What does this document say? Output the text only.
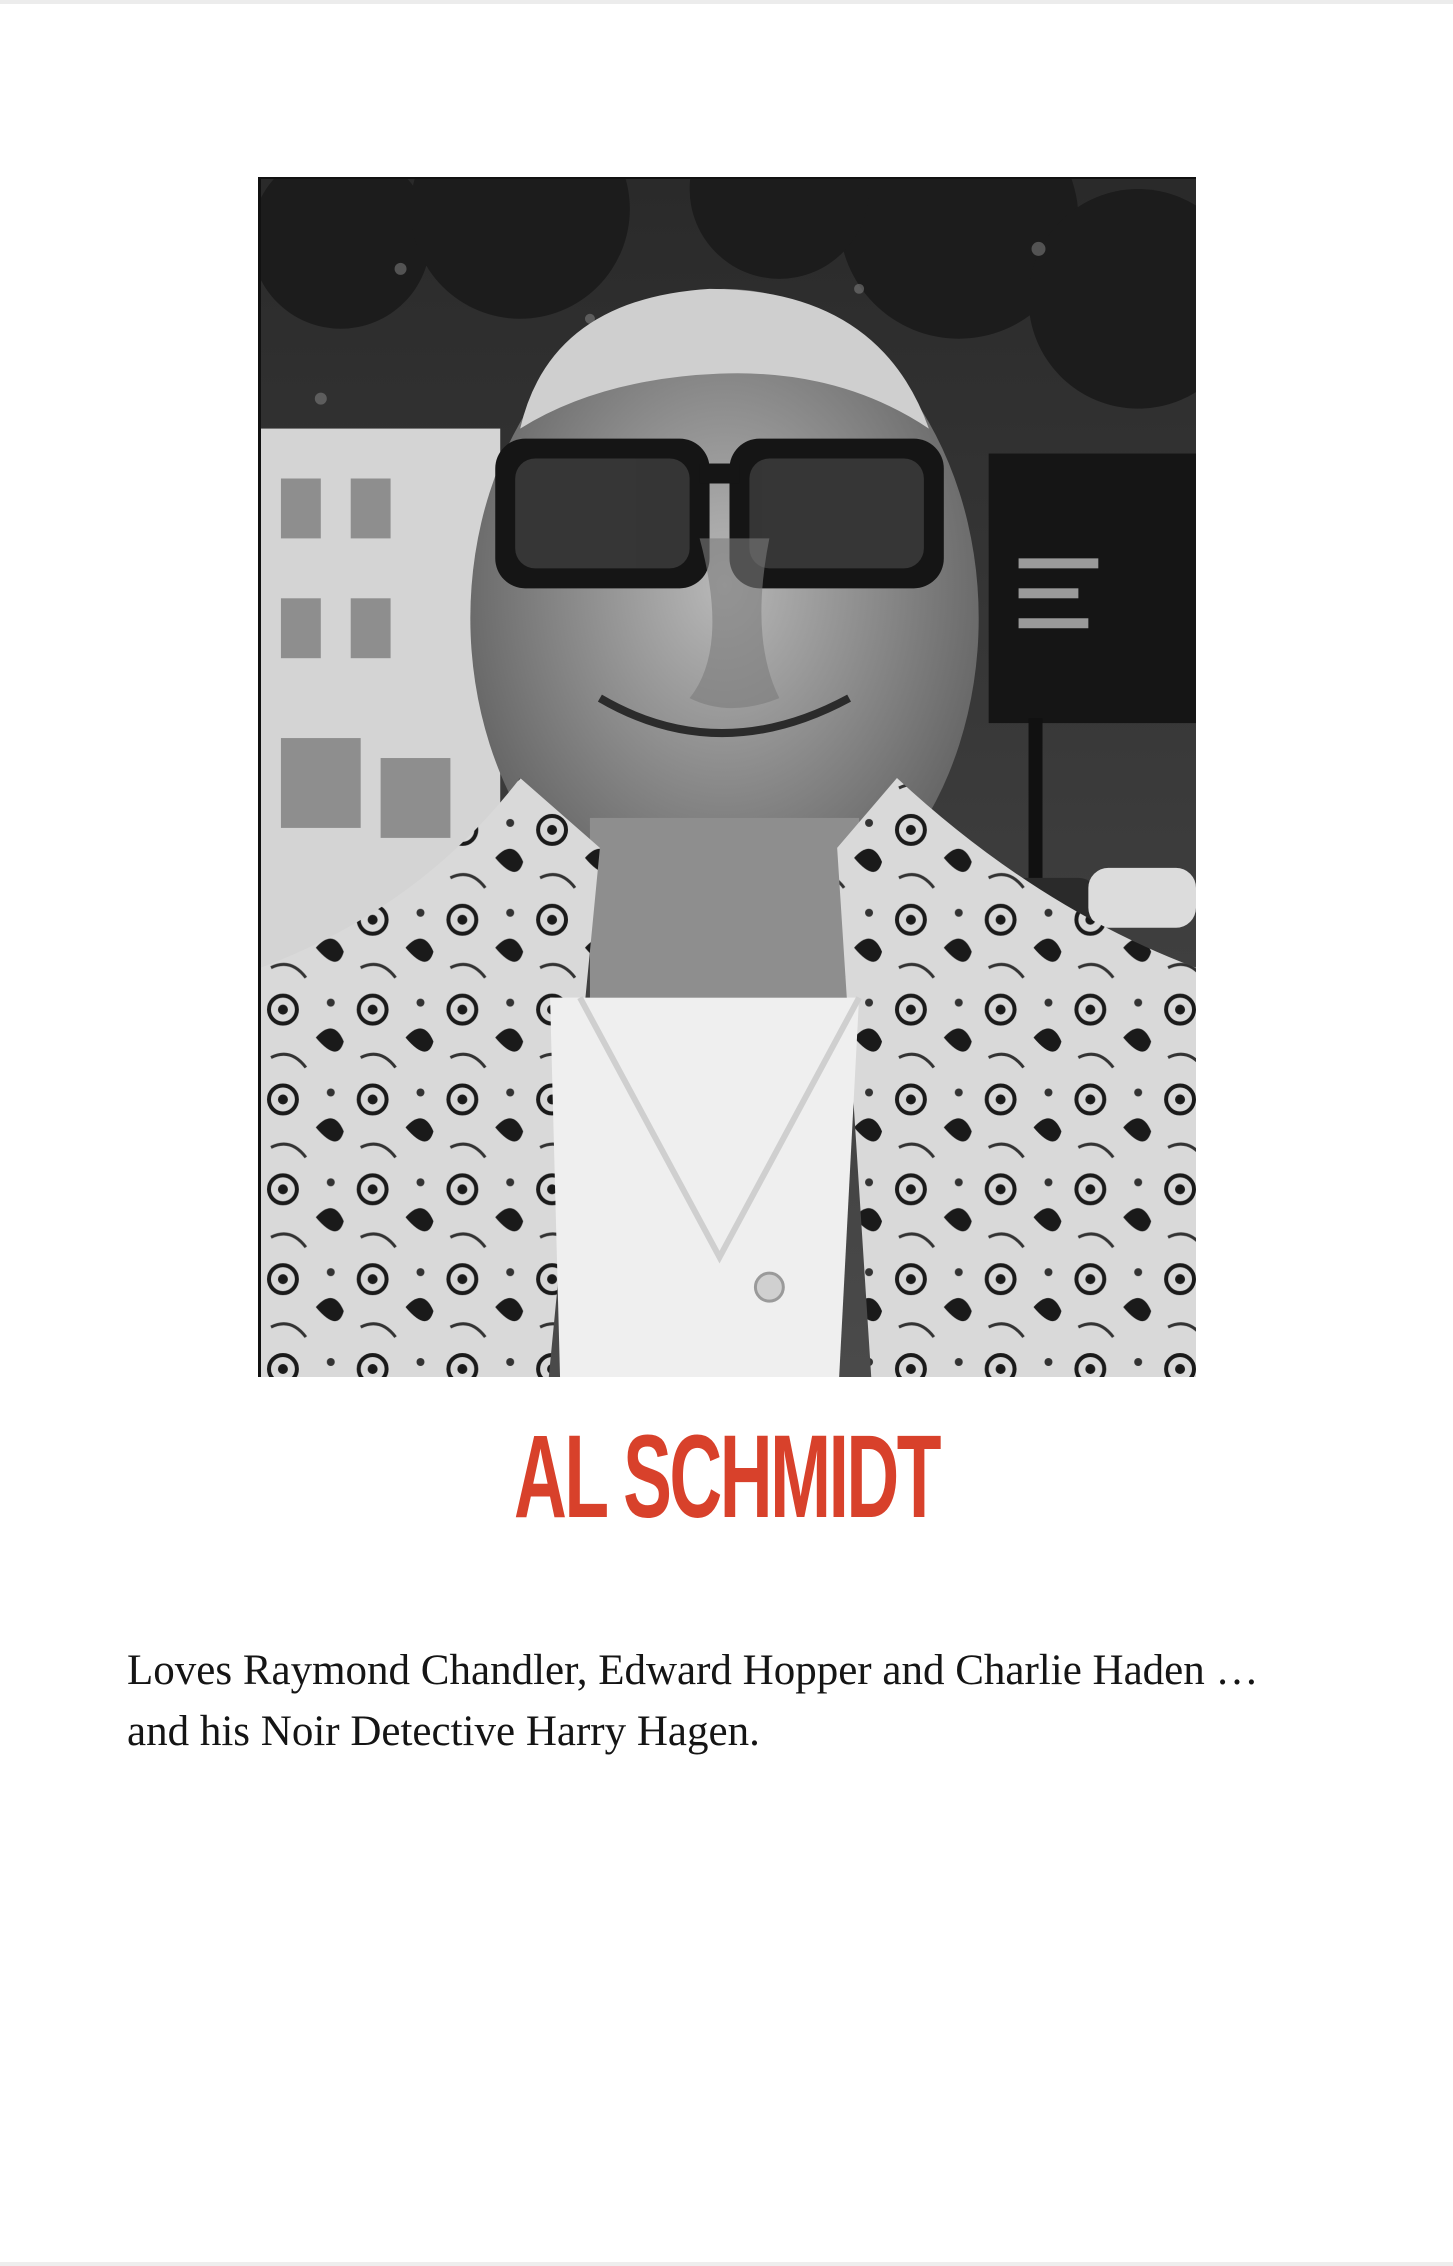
AL SCHMIDT

Loves Raymond Chandler, Edward Hopper and Charlie Haden … and his Noir Detective Harry Hagen.
